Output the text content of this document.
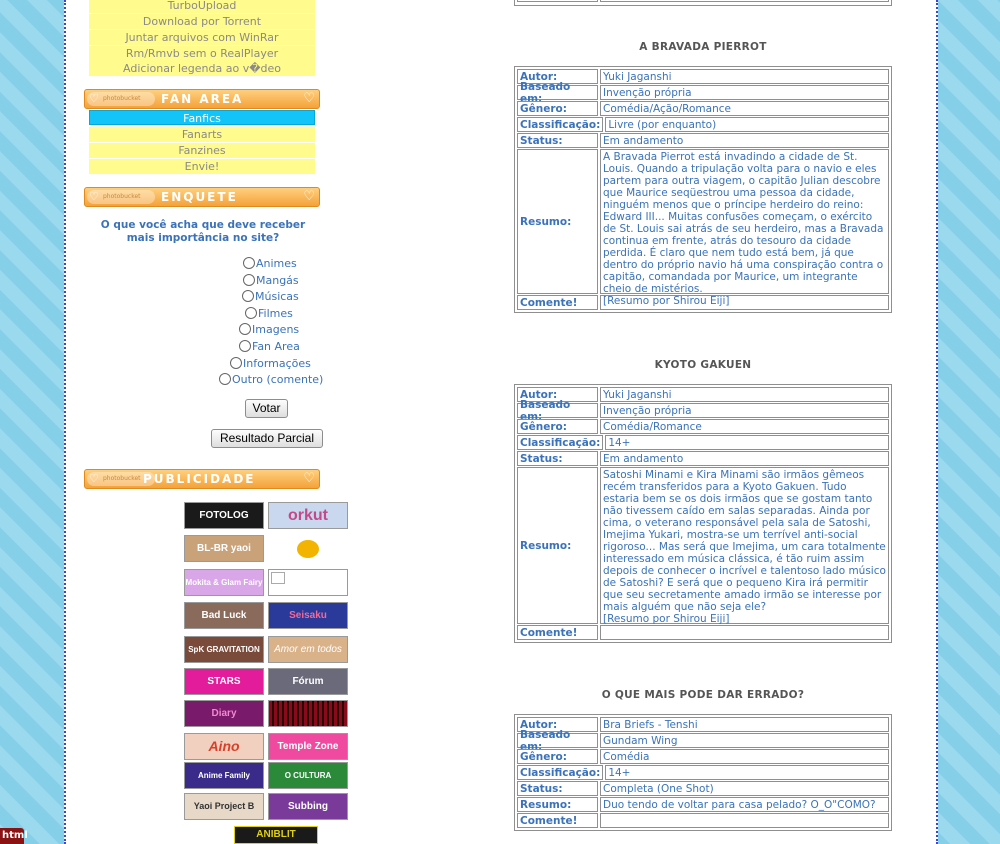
TurboUpload
Download por Torrent
Juntar arquivos com WinRar
Rm/Rmvb sem o RealPlayer
Adicionar legenda ao v�deo
photobucket
♡	FAN AREA	♡
Fanfics
Fanarts
Fanzines
Envie!
photobucket
♡	ENQUETE	♡
O que você acha que deve receber mais importância no site?
Animes
Mangás
Músicas
Filmes
Imagens
Fan Area
Informações
Outro (comente)
Votar
Resultado Parcial
photobucket
♡	PUBLICIDADE	♡
FOTOLOG	orkut
BL-BR yaoi
Mokita & Glam Fairy
Bad Luck	Seisaku
SpK GRAVITATION	Amor em todos
STARS	Fórum
Diary
Aino	Temple Zone
Anime Family	O CULTURA
Yaoi Project B	Subbing
ANIBLIT
html
A BRAVADA PIERROT
Autor:	Yuki Jaganshi
Baseado em:	Invenção própria
Gênero:	Comédia/Ação/Romance
Classificação: Livre (por enquanto)
Status:	Em andamento
Resumo:
A Bravada Pierrot está invadindo a cidade de St. Louis. Quando a tripulação volta para o navio e eles partem para outra viagem, o capitão Julian descobre que Maurice seqüestrou uma pessoa da cidade, ninguém menos que o príncipe herdeiro do reino: Edward III... Muitas confusões começam, o exército de St. Louis sai atrás de seu herdeiro, mas a Bravada continua em frente, atrás do tesouro da cidade perdida. É claro que nem tudo está bem, já que dentro do próprio navio há uma conspiração contra o capitão, comandada por Maurice, um integrante cheio de mistérios.
[Resumo por Shirou Eiji]
Comente!
KYOTO GAKUEN
Autor:	Yuki Jaganshi
Baseado em:	Invenção própria
Gênero:	Comédia/Romance
Classificação: 14+
Status:	Em andamento
Resumo:
Satoshi Minami e Kira Minami são irmãos gêmeos recém transferidos para a Kyoto Gakuen. Tudo estaria bem se os dois irmãos que se gostam tanto não tivessem caído em salas separadas. Ainda por cima, o veterano responsável pela sala de Satoshi, Imejima Yukari, mostra-se um terrível anti-social rigoroso... Mas será que Imejima, um cara totalmente interessado em música clássica, é tão ruim assim depois de conhecer o incrível e talentoso lado músico de Satoshi? E será que o pequeno Kira irá permitir que seu secretamente amado irmão se interesse por mais alguém que não seja ele?
[Resumo por Shirou Eiji]
Comente!
O QUE MAIS PODE DAR ERRADO?
Autor:	Bra Briefs - Tenshi
Baseado em:	Gundam Wing
Gênero:	Comédia
Classificação: 14+
Status:	Completa (One Shot)
Resumo:	Duo tendo de voltar para casa pelado? O_O"COMO?
Comente!
